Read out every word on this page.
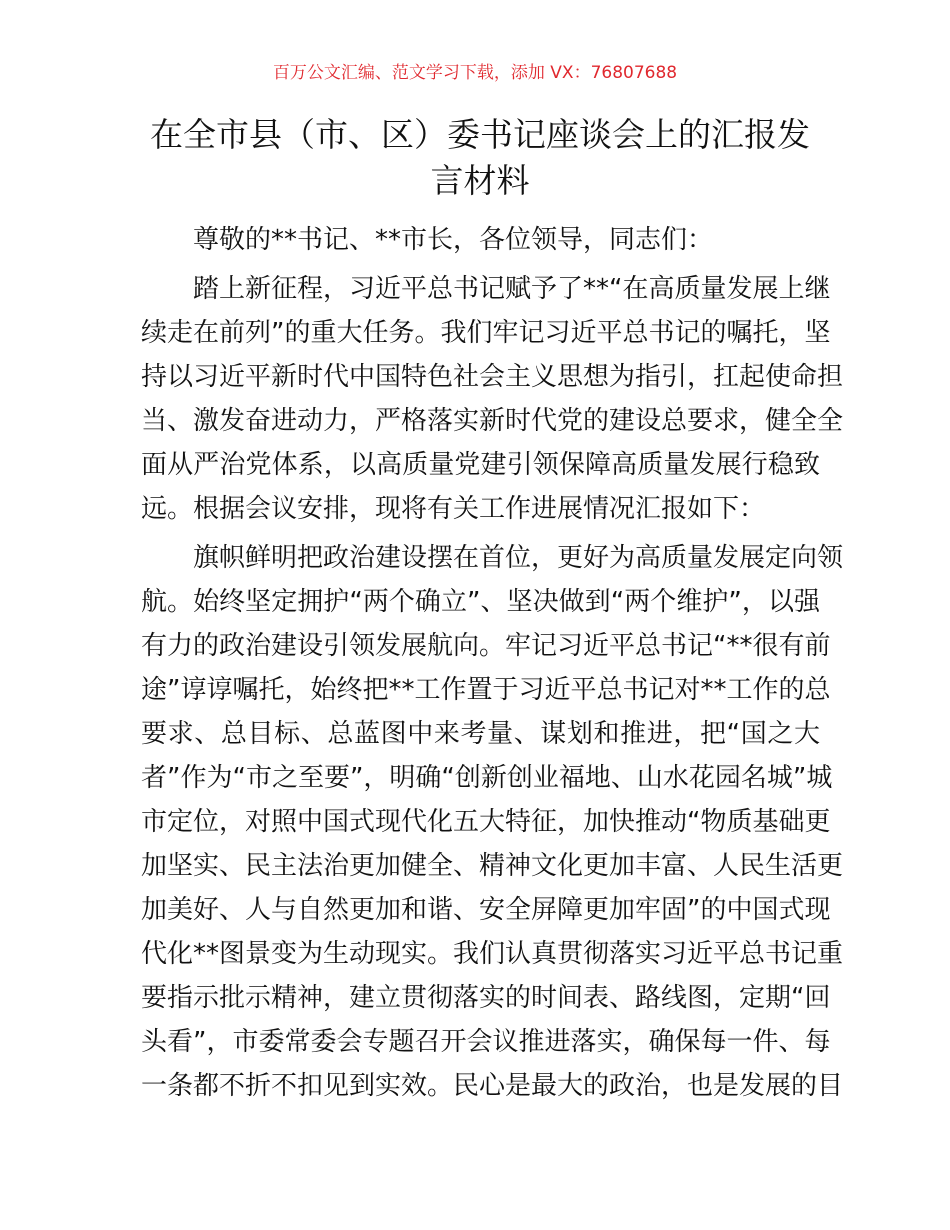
百万公文汇编、范文学习下载，添加 VX：76807688
在全市县（市、区）委书记座谈会上的汇报发
言材料
尊敬的**书记、**市长，各位领导，同志们：
踏上新征程，习近平总书记赋予了**“在高质量发展上继
续走在前列”的重大任务。我们牢记习近平总书记的嘱托，坚
持以习近平新时代中国特色社会主义思想为指引，扛起使命担
当、激发奋进动力，严格落实新时代党的建设总要求，健全全
面从严治党体系，以高质量党建引领保障高质量发展行稳致
远。根据会议安排，现将有关工作进展情况汇报如下：
旗帜鲜明把政治建设摆在首位，更好为高质量发展定向领
航。始终坚定拥护“两个确立”、坚决做到“两个维护”，以强
有力的政治建设引领发展航向。牢记习近平总书记“**很有前
途”谆谆嘱托，始终把**工作置于习近平总书记对**工作的总
要求、总目标、总蓝图中来考量、谋划和推进，把“国之大
者”作为“市之至要”，明确“创新创业福地、山水花园名城”城
市定位，对照中国式现代化五大特征，加快推动“物质基础更
加坚实、民主法治更加健全、精神文化更加丰富、人民生活更
加美好、人与自然更加和谐、安全屏障更加牢固”的中国式现
代化**图景变为生动现实。我们认真贯彻落实习近平总书记重
要指示批示精神，建立贯彻落实的时间表、路线图，定期“回
头看”，市委常委会专题召开会议推进落实，确保每一件、每
一条都不折不扣见到实效。民心是最大的政治，也是发展的目
